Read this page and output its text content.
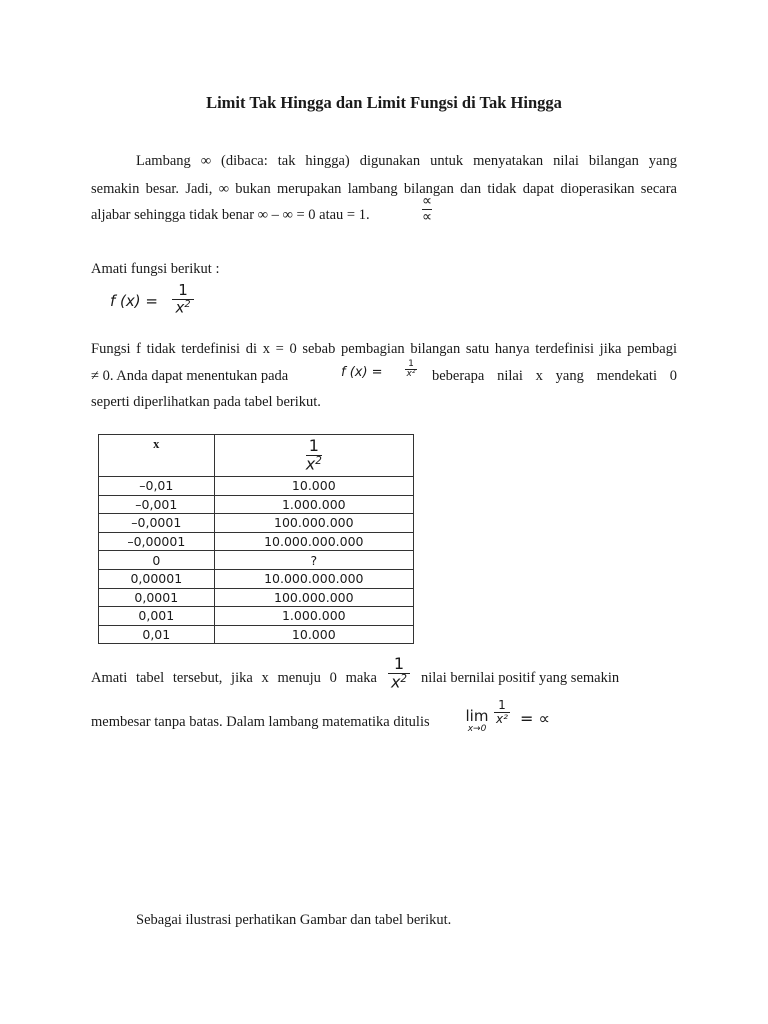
Limit Tak Hingga dan Limit Fungsi di Tak Hingga
Lambang ∞ (dibaca: tak hingga) digunakan untuk menyatakan nilai bilangan yang
semakin besar. Jadi, ∞ bukan merupakan lambang bilangan dan tidak dapat dioperasikan secara
aljabar sehingga tidak benar ∞ – ∞ = 0 atau = 1.
∝
∝
Amati fungsi berikut :
f (x) =
1
$x^2$
Fungsi f tidak terdefinisi di x = 0 sebab pembagian bilangan satu hanya terdefinisi jika pembagi
≠ 0. Anda dapat menentukan pada	f (x) =
1
x² beberapa nilai x yang mendekati 0
seperti diperlihatkan pada tabel berikut.
x	$\frac{1}{x^2}$

–0,01	10.000
–0,001	1.000.000
–0,0001	100.000.000
–0,00001	10.000.000.000
0	?
0,00001	10.000.000.000
0,0001	100.000.000
0,001	1.000.000
0,01	10.000
Amati tabel tersebut, jika x menuju 0 maka
1
$x^2$ nilai bernilai positif yang semakin
membesar tanpa batas. Dalam lambang matematika ditulis lim
x→0
1
x² = ∝
Sebagai ilustrasi perhatikan Gambar dan tabel berikut.
